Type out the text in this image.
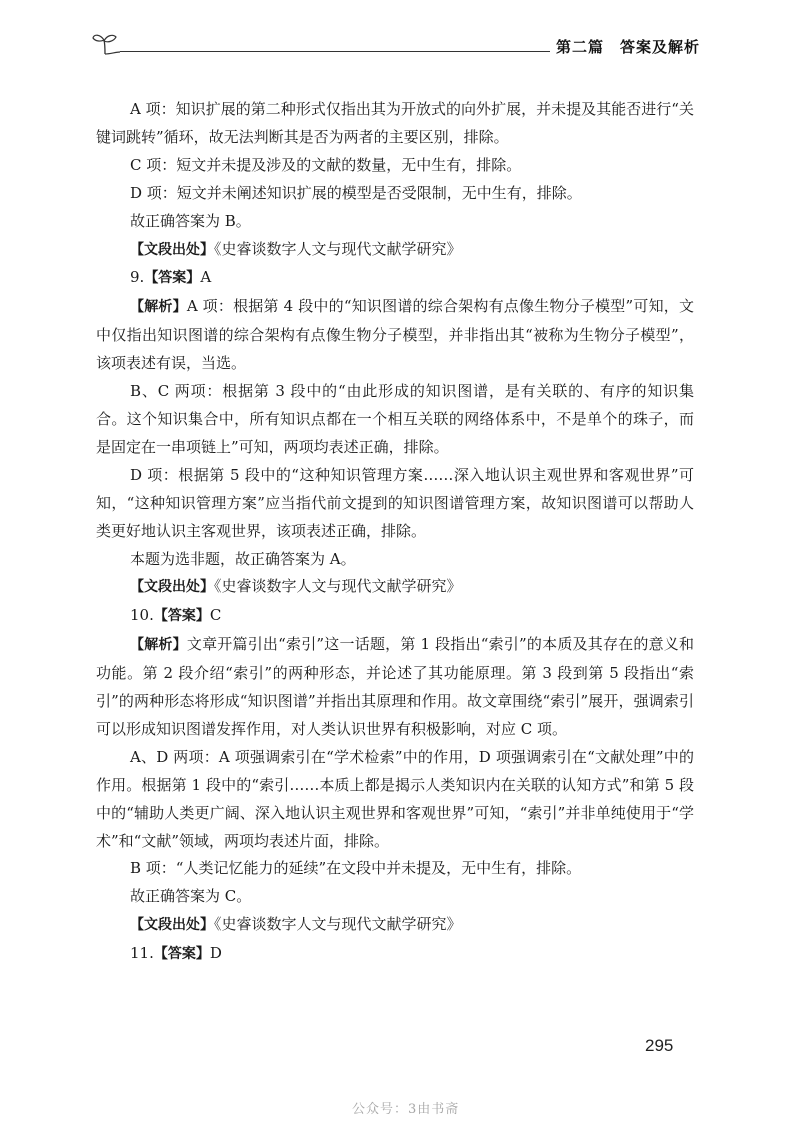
第二篇　答案及解析

A 项：知识扩展的第二种形式仅指出其为开放式的向外扩展，并未提及其能否进行“关键词跳转”循环，故无法判断其是否为两者的主要区别，排除。

C 项：短文并未提及涉及的文献的数量，无中生有，排除。

D 项：短文并未阐述知识扩展的模型是否受限制，无中生有，排除。

故正确答案为 B。

【文段出处】《史睿谈数字人文与现代文献学研究》

9.【答案】A

【解析】A 项：根据第 4 段中的“知识图谱的综合架构有点像生物分子模型”可知，文中仅指出知识图谱的综合架构有点像生物分子模型，并非指出其“被称为生物分子模型”，该项表述有误，当选。

B、C 两项：根据第 3 段中的“由此形成的知识图谱，是有关联的、有序的知识集合。这个知识集合中，所有知识点都在一个相互关联的网络体系中，不是单个的珠子，而是固定在一串项链上”可知，两项均表述正确，排除。

D 项：根据第 5 段中的“这种知识管理方案……深入地认识主观世界和客观世界”可知，“这种知识管理方案”应当指代前文提到的知识图谱管理方案，故知识图谱可以帮助人类更好地认识主客观世界，该项表述正确，排除。

本题为选非题，故正确答案为 A。

【文段出处】《史睿谈数字人文与现代文献学研究》

10.【答案】C

【解析】文章开篇引出“索引”这一话题，第 1 段指出“索引”的本质及其存在的意义和功能。第 2 段介绍“索引”的两种形态，并论述了其功能原理。第 3 段到第 5 段指出“索引”的两种形态将形成“知识图谱”并指出其原理和作用。故文章围绕“索引”展开，强调索引可以形成知识图谱发挥作用，对人类认识世界有积极影响，对应 C 项。

A、D 两项：A 项强调索引在“学术检索”中的作用，D 项强调索引在“文献处理”中的作用。根据第 1 段中的“索引……本质上都是揭示人类知识内在关联的认知方式”和第 5 段中的“辅助人类更广阔、深入地认识主观世界和客观世界”可知，“索引”并非单纯使用于“学术”和“文献”领域，两项均表述片面，排除。

B 项：“人类记忆能力的延续”在文段中并未提及，无中生有，排除。

故正确答案为 C。

【文段出处】《史睿谈数字人文与现代文献学研究》

11.【答案】D

295
公众号：3由书斋
